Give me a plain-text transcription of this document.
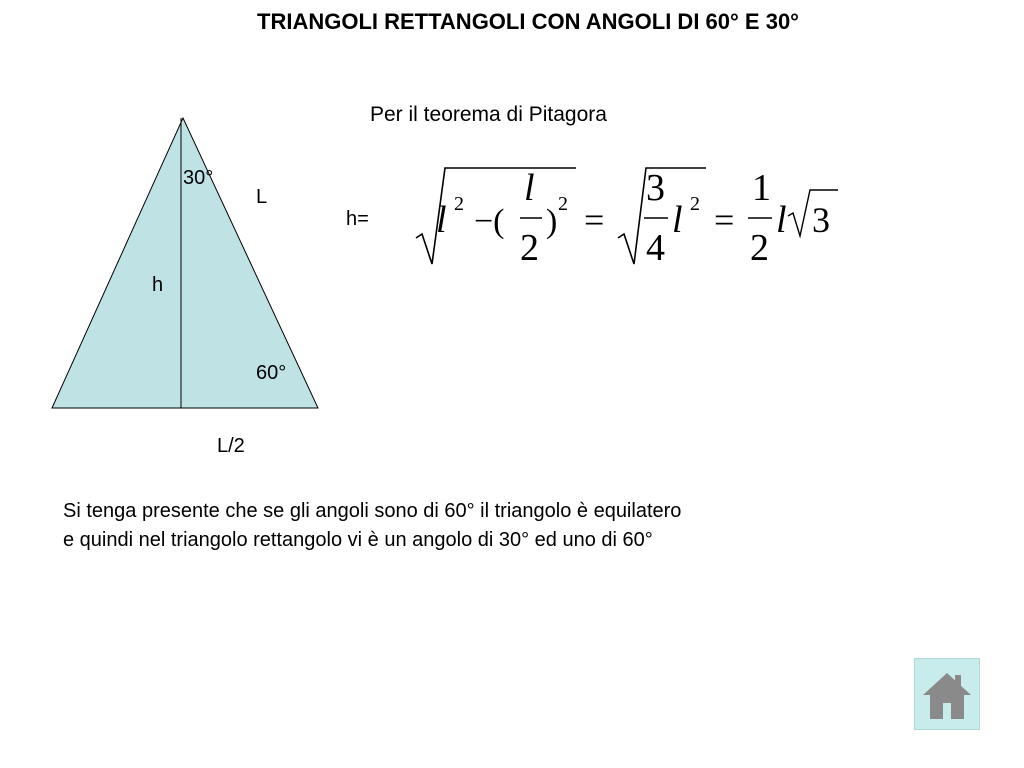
TRIANGOLI RETTANGOLI CON ANGOLI DI 60° E 30°
Per il teorema di Pitagora
30°
L
h
60°
L/2
h= l 2 −(
l
2
) 2 =
3
4
l 2 =
1
2
l 3
Si tenga presente che se gli angoli sono di 60° il triangolo è equilatero
e quindi nel triangolo rettangolo vi è un angolo di 30° ed uno di 60°
